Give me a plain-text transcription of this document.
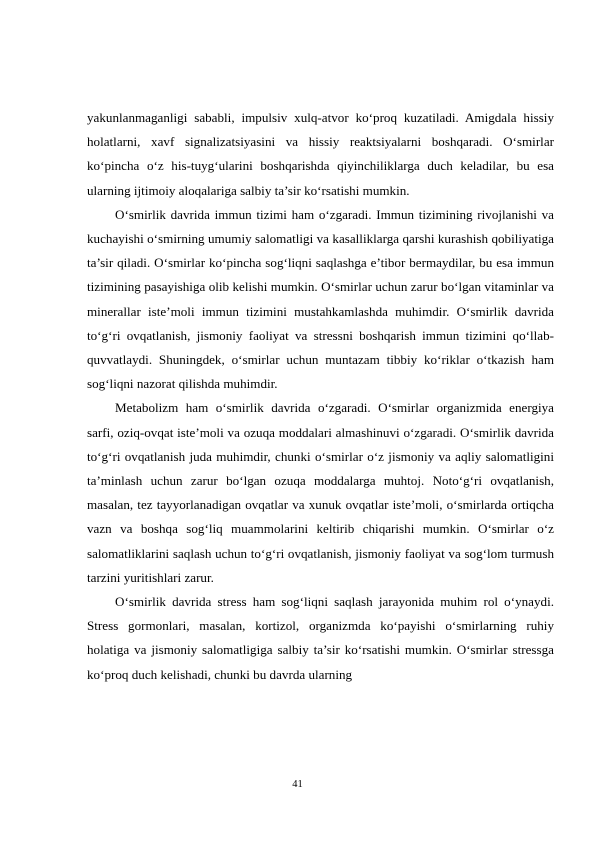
yakunlanmaganligi sababli, impulsiv xulq-atvor ko‘proq kuzatiladi. Amigdala hissiy holatlarni, xavf signalizatsiyasini va hissiy reaktsiyalarni boshqaradi. O‘smirlar ko‘pincha o‘z his-tuyg‘ularini boshqarishda qiyinchiliklarga duch keladilar, bu esa ularning ijtimoiy aloqalariga salbiy ta’sir ko‘rsatishi mumkin.

O‘smirlik davrida immun tizimi ham o‘zgaradi. Immun tizimining rivojlanishi va kuchayishi o‘smirning umumiy salomatligi va kasalliklarga qarshi kurashish qobiliyatiga ta’sir qiladi. O‘smirlar ko‘pincha sog‘liqni saqlashga e’tibor bermaydilar, bu esa immun tizimining pasayishiga olib kelishi mumkin. O‘smirlar uchun zarur bo‘lgan vitaminlar va minerallar iste’moli immun tizimini mustahkamlashda muhimdir. O‘smirlik davrida to‘g‘ri ovqatlanish, jismoniy faoliyat va stressni boshqarish immun tizimini qo‘llab-quvvatlaydi. Shuningdek, o‘smirlar uchun muntazam tibbiy ko‘riklar o‘tkazish ham sog‘liqni nazorat qilishda muhimdir.

Metabolizm ham o‘smirlik davrida o‘zgaradi. O‘smirlar organizmida energiya sarfi, oziq-ovqat iste’moli va ozuqa moddalari almashinuvi o‘zgaradi. O‘smirlik davrida to‘g‘ri ovqatlanish juda muhimdir, chunki o‘smirlar o‘z jismoniy va aqliy salomatligini ta’minlash uchun zarur bo‘lgan ozuqa moddalarga muhtoj. Noto‘g‘ri ovqatlanish, masalan, tez tayyorlanadigan ovqatlar va xunuk ovqatlar iste’moli, o‘smirlarda ortiqcha vazn va boshqa sog‘liq muammolarini keltirib chiqarishi mumkin. O‘smirlar o‘z salomatliklarini saqlash uchun to‘g‘ri ovqatlanish, jismoniy faoliyat va sog‘lom turmush tarzini yuritishlari zarur.

O‘smirlik davrida stress ham sog‘liqni saqlash jarayonida muhim rol o‘ynaydi. Stress gormonlari, masalan, kortizol, organizmda ko‘payishi o‘smirlarning ruhiy holatiga va jismoniy salomatligiga salbiy ta’sir ko‘rsatishi mumkin. O‘smirlar stressga ko‘proq duch kelishadi, chunki bu davrda ularning

41
